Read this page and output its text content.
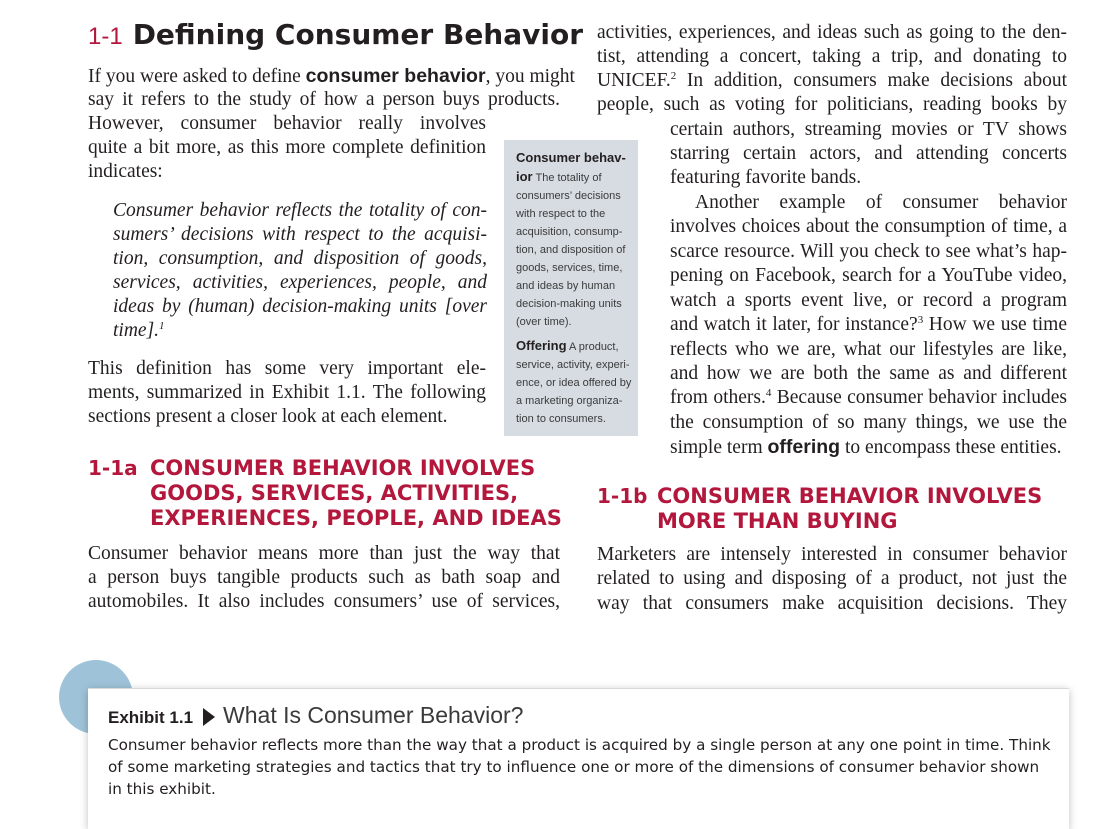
1-1 Defining Consumer Behavior
If you were asked to define consumer behavior, you might
say it refers to the study of how a person buys products.
However, consumer behavior really involves
quite a bit more, as this more complete definition
indicates:
Consumer behavior reflects the totality of con-
sumers’ decisions with respect to the acquisi-
tion, consumption, and disposition of goods,
services, activities, experiences, people, and
ideas by (human) decision-making units [over
time].$^1$
This definition has some very important ele-
ments, summarized in Exhibit 1.1. The following
sections present a closer look at each element.

Consumer behav-ior The totality of consumers’ decisions with respect to the acquisition, consump-tion, and disposition of goods, services, time, and ideas by human decision-making units (over time).

Offering A product, service, activity, experi-ence, or idea offered by a marketing organiza-tion to consumers.

1-1a CONSUMER BEHAVIOR INVOLVES
GOODS, SERVICES, ACTIVITIES,
EXPERIENCES, PEOPLE, AND IDEAS
Consumer behavior means more than just the way that
a person buys tangible products such as bath soap and
automobiles. It also includes consumers’ use of services,
activities, experiences, and ideas such as going to the den-
tist, attending a concert, taking a trip, and donating to
UNICEF.$^2$ In addition, consumers make decisions about
people, such as voting for politicians, reading books by
certain authors, streaming movies or TV shows
starring certain actors, and attending concerts
featuring favorite bands.
Another example of consumer behavior
involves choices about the consumption of time, a
scarce resource. Will you check to see what’s hap-
pening on Facebook, search for a YouTube video,
watch a sports event live, or record a program
and watch it later, for instance?$^3$ How we use time
reflects who we are, what our lifestyles are like,
and how we are both the same as and different
from others.$^4$ Because consumer behavior includes
the consumption of so many things, we use the
simple term offering to encompass these entities.
1-1b CONSUMER BEHAVIOR INVOLVES
MORE THAN BUYING
Marketers are intensely interested in consumer behavior
related to using and disposing of a product, not just the
way that consumers make acquisition decisions. They
Exhibit 1.1 What Is Consumer Behavior?
Consumer behavior reflects more than the way that a product is acquired by a single person at any one point in time. Think
of some marketing strategies and tactics that try to influence one or more of the dimensions of consumer behavior shown
in this exhibit.
